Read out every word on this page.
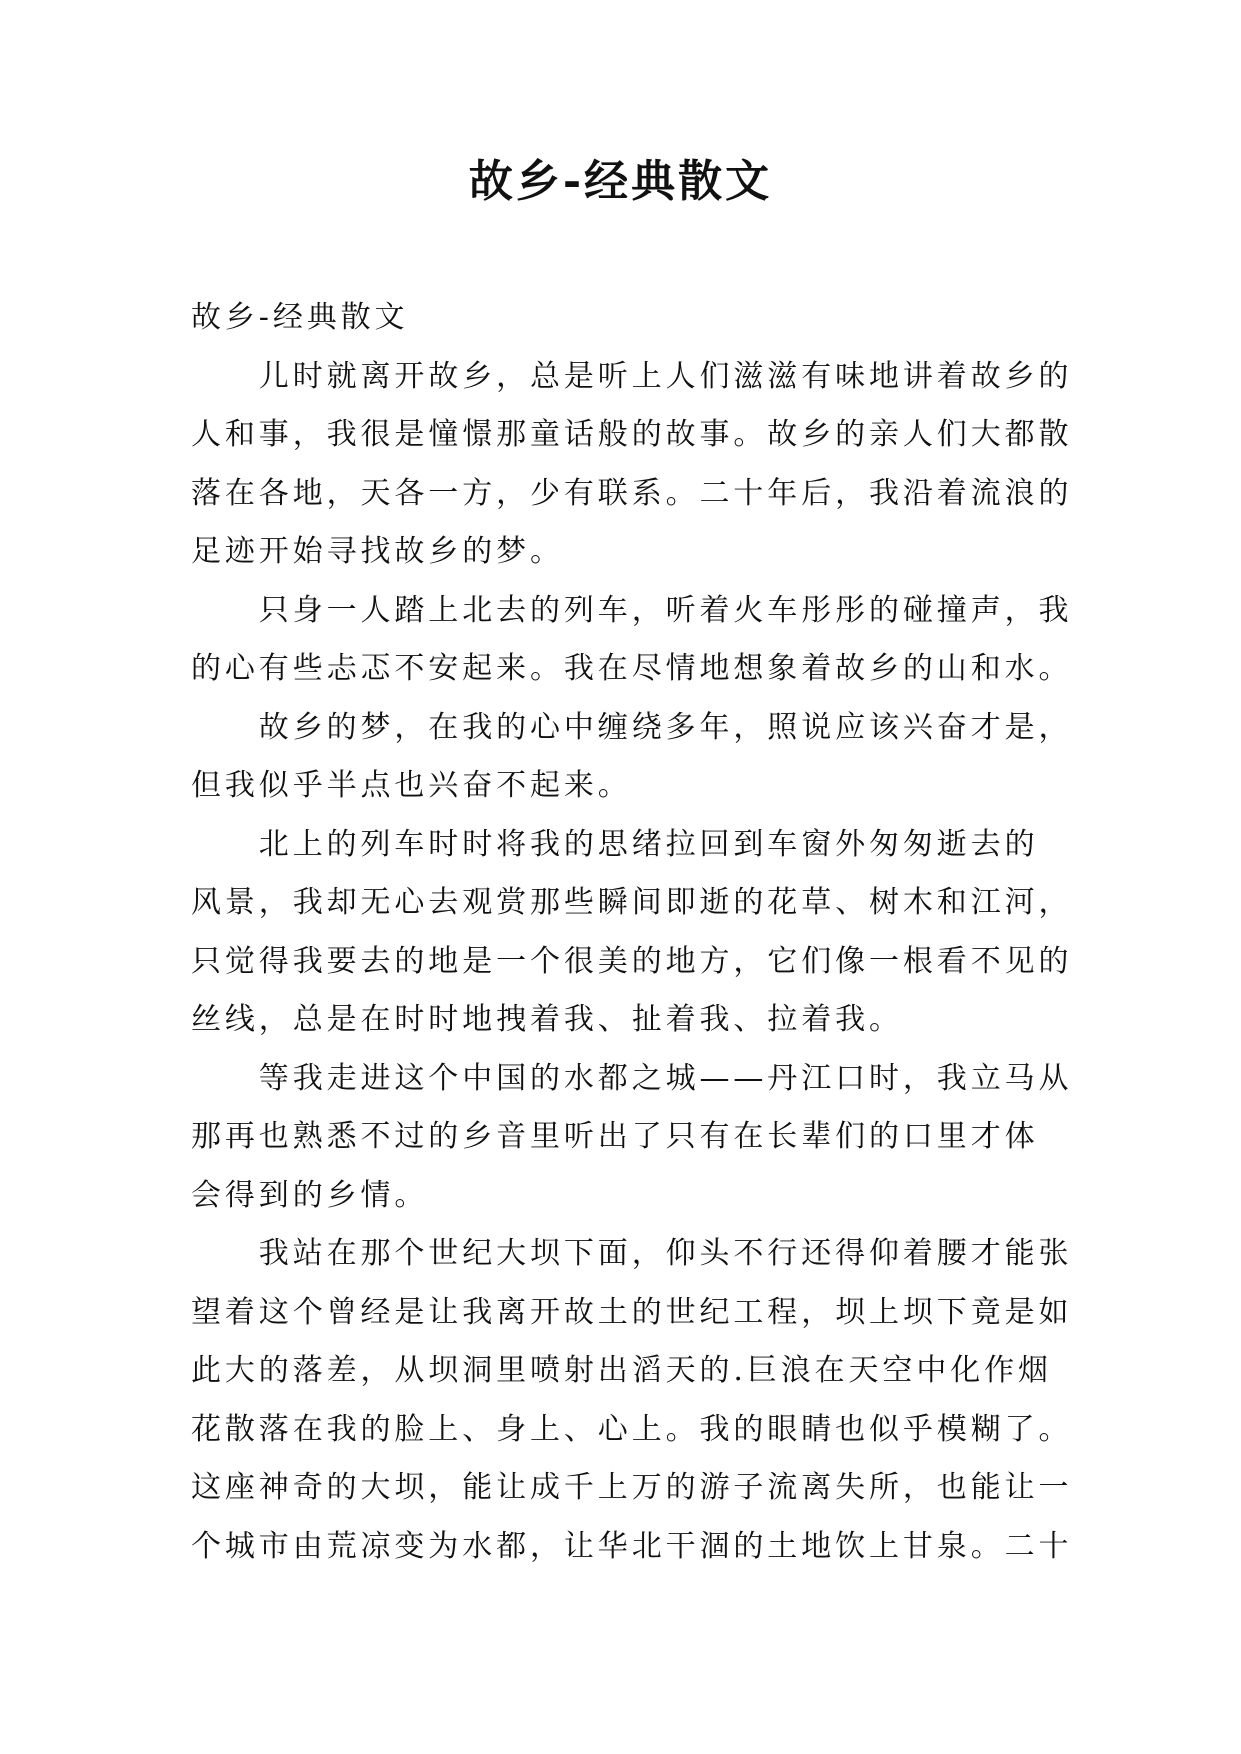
故乡-经典散文
故乡-经典散文
儿时就离开故乡，总是听上人们滋滋有味地讲着故乡的
人和事，我很是憧憬那童话般的故事。故乡的亲人们大都散
落在各地，天各一方，少有联系。二十年后，我沿着流浪的
足迹开始寻找故乡的梦。
只身一人踏上北去的列车，听着火车彤彤的碰撞声，我
的心有些忐忑不安起来。我在尽情地想象着故乡的山和水。
故乡的梦，在我的心中缠绕多年，照说应该兴奋才是，
但我似乎半点也兴奋不起来。
北上的列车时时将我的思绪拉回到车窗外匆匆逝去的
风景，我却无心去观赏那些瞬间即逝的花草、树木和江河，
只觉得我要去的地是一个很美的地方，它们像一根看不见的
丝线，总是在时时地拽着我、扯着我、拉着我。
等我走进这个中国的水都之城——丹江口时，我立马从
那再也熟悉不过的乡音里听出了只有在长辈们的口里才体
会得到的乡情。
我站在那个世纪大坝下面，仰头不行还得仰着腰才能张
望着这个曾经是让我离开故土的世纪工程，坝上坝下竟是如
此大的落差，从坝洞里喷射出滔天的.巨浪在天空中化作烟
花散落在我的脸上、身上、心上。我的眼睛也似乎模糊了。
这座神奇的大坝，能让成千上万的游子流离失所，也能让一
个城市由荒凉变为水都，让华北干涸的土地饮上甘泉。二十
